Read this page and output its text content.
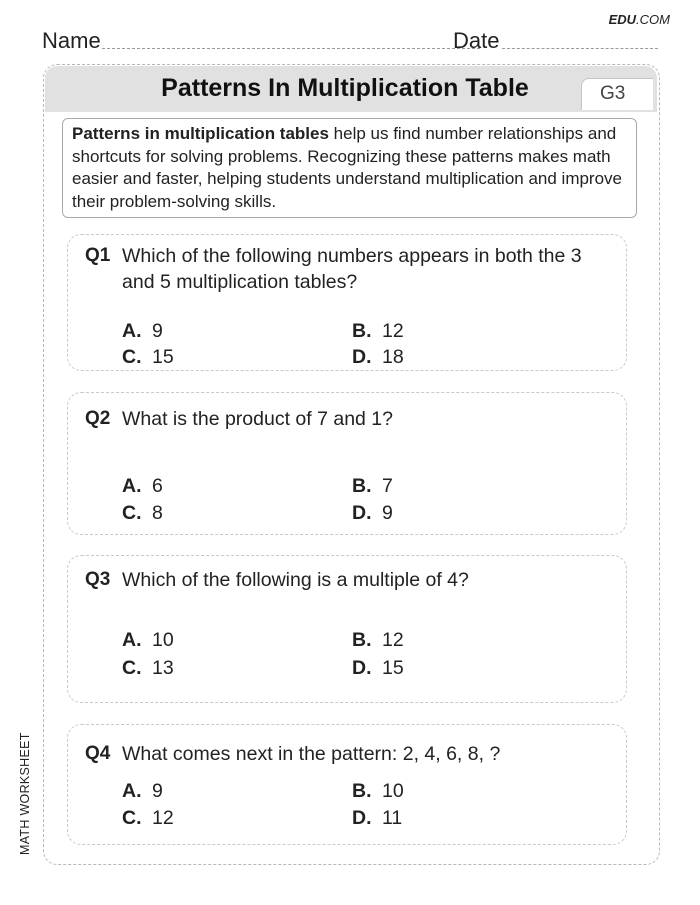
EDU.COM
Name	Date
Patterns In Multiplication Table	G3
Patterns in multiplication tables help us find number relationships and shortcuts for solving problems. Recognizing these patterns makes math easier and faster, helping students understand multiplication and improve their problem-solving skills.
Q1 Which of the following numbers appears in both the 3 and 5 multiplication tables?
A. 9	B. 12
C. 15	D. 18
Q2 What is the product of 7 and 1?
A. 6	B. 7
C. 8	D. 9
Q3 Which of the following is a multiple of 4?
A. 10	B. 12
C. 13	D. 15
Q4 What comes next in the pattern: 2, 4, 6, 8, ?
A. 9	B. 10
C. 12	D. 11
MATH WORKSHEET
